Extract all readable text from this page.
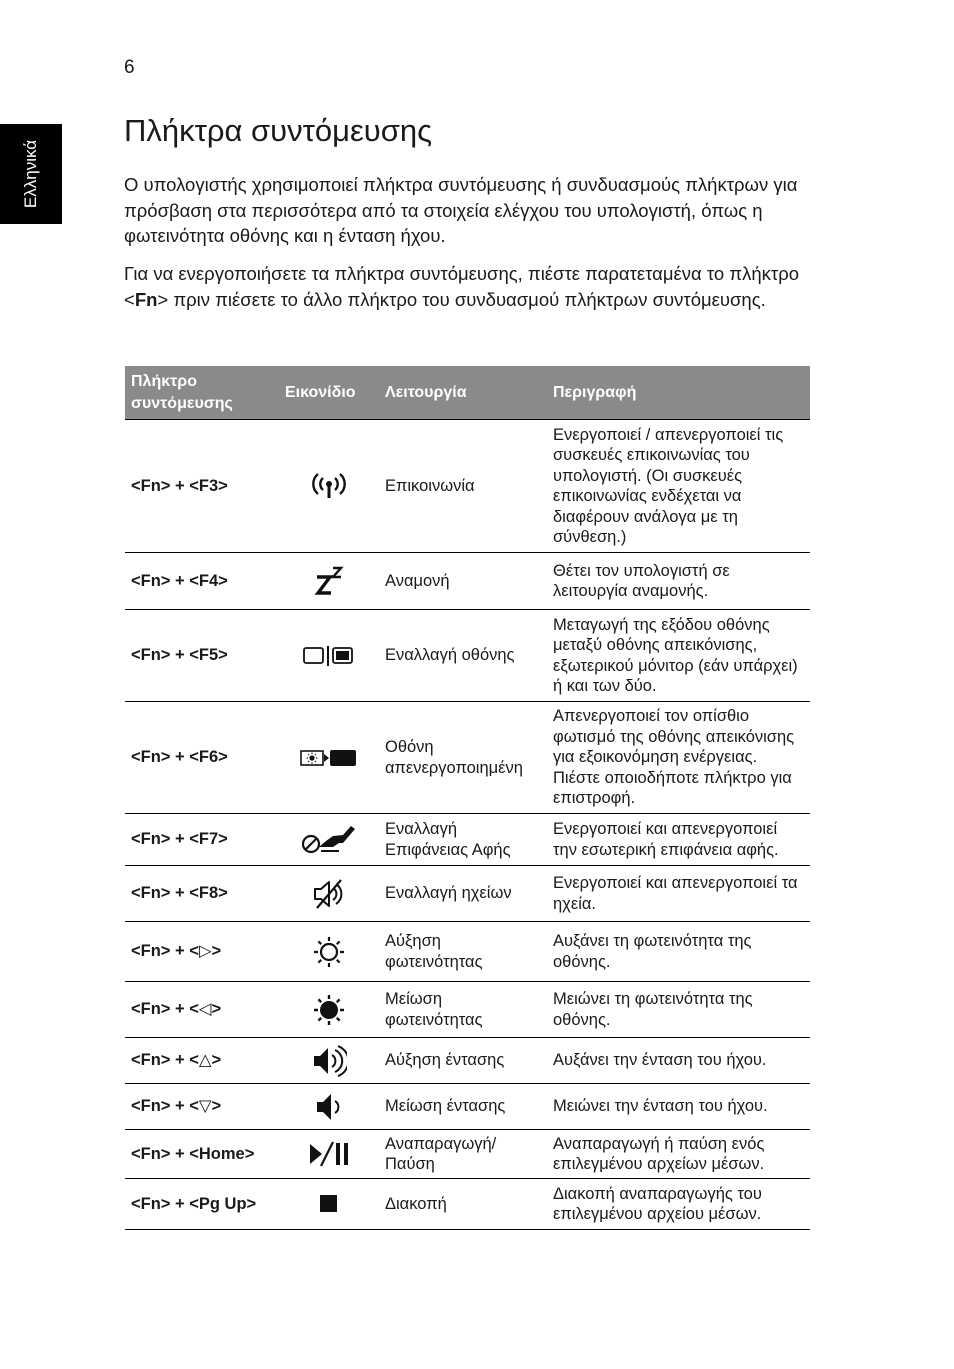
6
Ελληνικά
Πλήκτρα συντόμευσης

Ο υπολογιστής χρησιμοποιεί πλήκτρα συντόμευσης ή συνδυασμούς πλήκτρων για πρόσβαση στα περισσότερα από τα στοιχεία ελέγχου του υπολογιστή, όπως η φωτεινότητα οθόνης και η ένταση ήχου.

Για να ενεργοποιήσετε τα πλήκτρα συντόμευσης, πιέστε παρατεταμένα το πλήκτρο <Fn> πριν πιέσετε το άλλο πλήκτρο του συνδυασμού πλήκτρων συντόμευσης.

Πλήκτρο συντόμευσης	Εικονίδιο	Λειτουργία	Περιγραφή
<Fn> + <F3>		Επικοινωνία	Ενεργοποιεί / απενεργοποιεί τις συσκευές επικοινωνίας του υπολογιστή. (Οι συσκευές επικοινωνίας ενδέχεται να διαφέρουν ανάλογα με τη σύνθεση.)
<Fn> + <F4>		Αναμονή	Θέτει τον υπολογιστή σε λειτουργία αναμονής.
<Fn> + <F5>		Εναλλαγή οθόνης	Μεταγωγή της εξόδου οθόνης μεταξύ οθόνης απεικόνισης, εξωτερικού μόνιτορ (εάν υπάρχει) ή και των δύο.
<Fn> + <F6>		Οθόνη απενεργοποιημένη	Απενεργοποιεί τον οπίσθιο φωτισμό της οθόνης απεικόνισης για εξοικονόμηση ενέργειας. Πιέστε οποιοδήποτε πλήκτρο για επιστροφή.
<Fn> + <F7>		Εναλλαγή Επιφάνειας Αφής	Ενεργοποιεί και απενεργοποιεί την εσωτερική επιφάνεια αφής.
<Fn> + <F8>		Εναλλαγή ηχείων	Ενεργοποιεί και απενεργοποιεί τα ηχεία.
<Fn> + <▷>		Αύξηση φωτεινότητας	Αυξάνει τη φωτεινότητα της οθόνης.
<Fn> + <◁>		Μείωση φωτεινότητας	Μειώνει τη φωτεινότητα της οθόνης.
<Fn> + <△>		Αύξηση έντασης	Αυξάνει την ένταση του ήχου.
<Fn> + <▽>		Μείωση έντασης	Μειώνει την ένταση του ήχου.
<Fn> + <Home>		Αναπαραγωγή/ Παύση	Αναπαραγωγή ή παύση ενός επιλεγμένου αρχείων μέσων.
<Fn> + <Pg Up>		Διακοπή	Διακοπή αναπαραγωγής του επιλεγμένου αρχείου μέσων.
